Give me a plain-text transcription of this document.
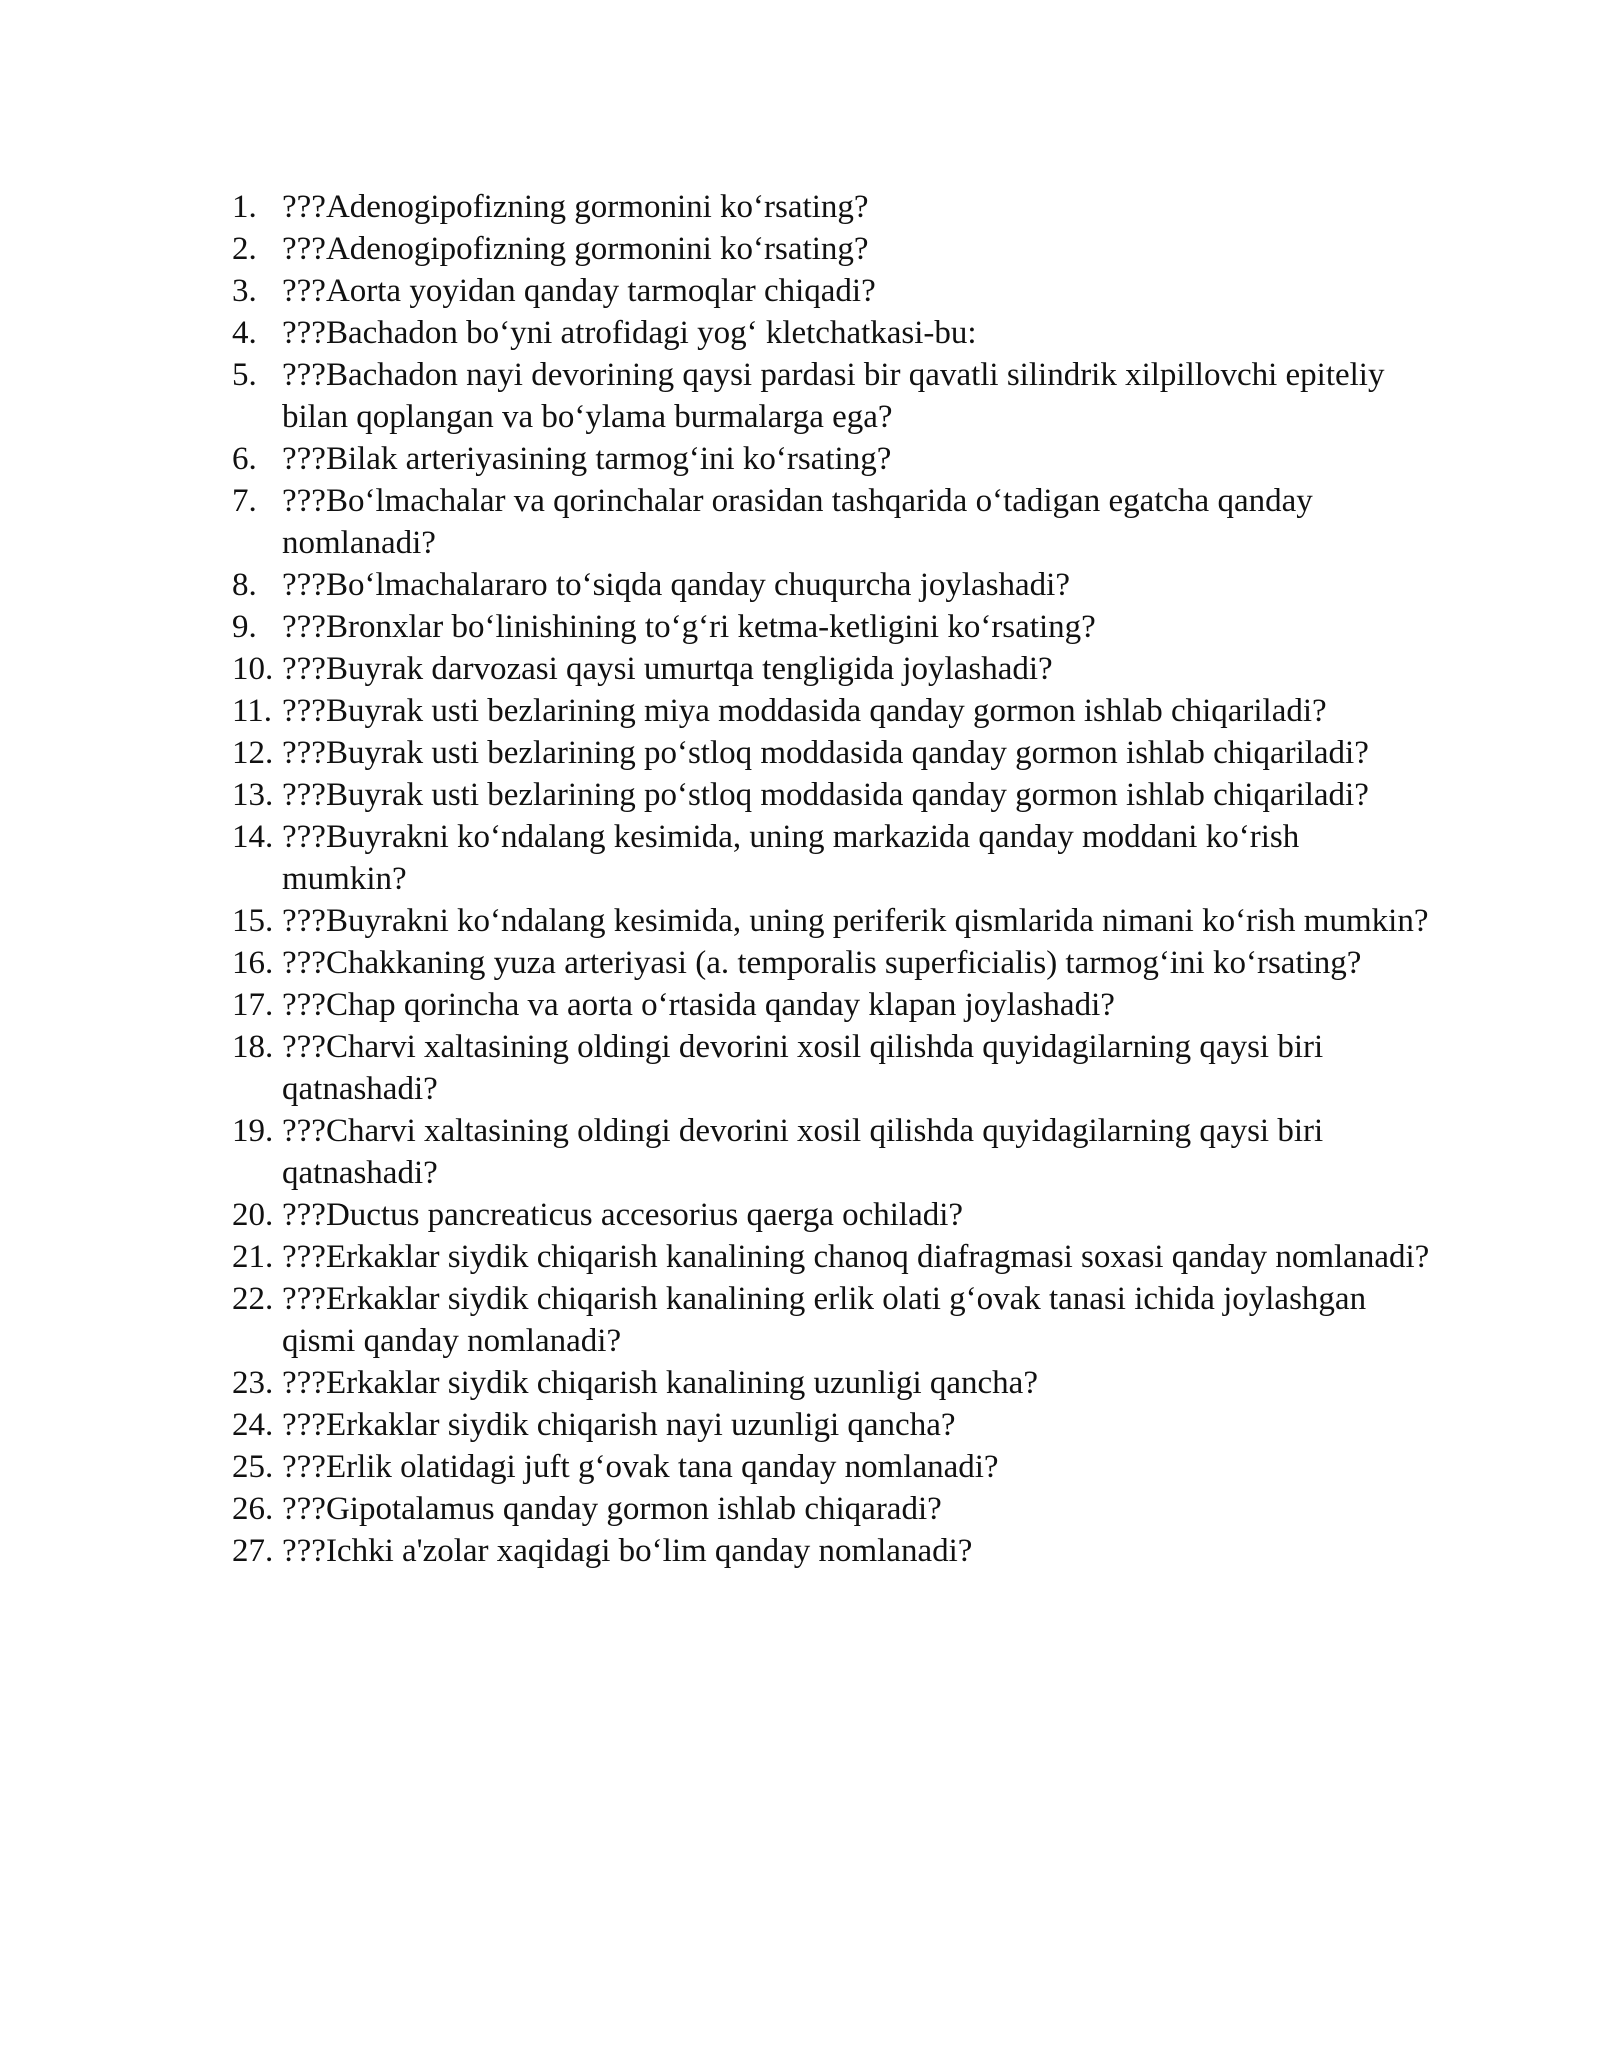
1. ???Adenogipofizning gormonini koʻrsating?
2. ???Adenogipofizning gormonini koʻrsating?
3. ???Aorta yoyidan qanday tarmoqlar chiqadi?
4. ???Bachadon boʻyni atrofidagi yogʻ kletchatkasi-bu:
5. ???Bachadon nayi devorining qaysi pardasi bir qavatli silindrik xilpillovchi epiteliy bilan qoplangan va boʻylama burmalarga ega?
6. ???Bilak arteriyasining tarmogʻini koʻrsating?
7. ???Boʻlmachalar va qorinchalar orasidan tashqarida oʻtadigan egatcha qanday nomlanadi?
8. ???Boʻlmachalararo toʻsiqda qanday chuqurcha joylashadi?
9. ???Bronxlar boʻlinishining toʻgʻri ketma-ketligini koʻrsating?
10. ???Buyrak darvozasi qaysi umurtqa tengligida joylashadi?
11. ???Buyrak usti bezlarining miya moddasida qanday gormon ishlab chiqariladi?
12. ???Buyrak usti bezlarining poʻstloq moddasida qanday gormon ishlab chiqariladi?
13. ???Buyrak usti bezlarining poʻstloq moddasida qanday gormon ishlab chiqariladi?
14. ???Buyrakni koʻndalang kesimida, uning markazida qanday moddani koʻrish mumkin?
15. ???Buyrakni koʻndalang kesimida, uning periferik qismlarida nimani koʻrish mumkin?
16. ???Chakkaning yuza arteriyasi (a. temporalis superficialis) tarmogʻini koʻrsating?
17. ???Chap qorincha va aorta oʻrtasida qanday klapan joylashadi?
18. ???Charvi xaltasining oldingi devorini xosil qilishda quyidagilarning qaysi biri qatnashadi?
19. ???Charvi xaltasining oldingi devorini xosil qilishda quyidagilarning qaysi biri qatnashadi?
20. ???Ductus pancreaticus accesorius qaerga ochiladi?
21. ???Erkaklar siydik chiqarish kanalining chanoq diafragmasi soxasi qanday nomlanadi?
22. ???Erkaklar siydik chiqarish kanalining erlik olati gʻovak tanasi ichida joylashgan qismi qanday nomlanadi?
23. ???Erkaklar siydik chiqarish kanalining uzunligi qancha?
24. ???Erkaklar siydik chiqarish nayi uzunligi qancha?
25. ???Erlik olatidagi juft gʻovak tana qanday nomlanadi?
26. ???Gipotalamus qanday gormon ishlab chiqaradi?
27. ???Ichki a'zolar xaqidagi boʻlim qanday nomlanadi?
